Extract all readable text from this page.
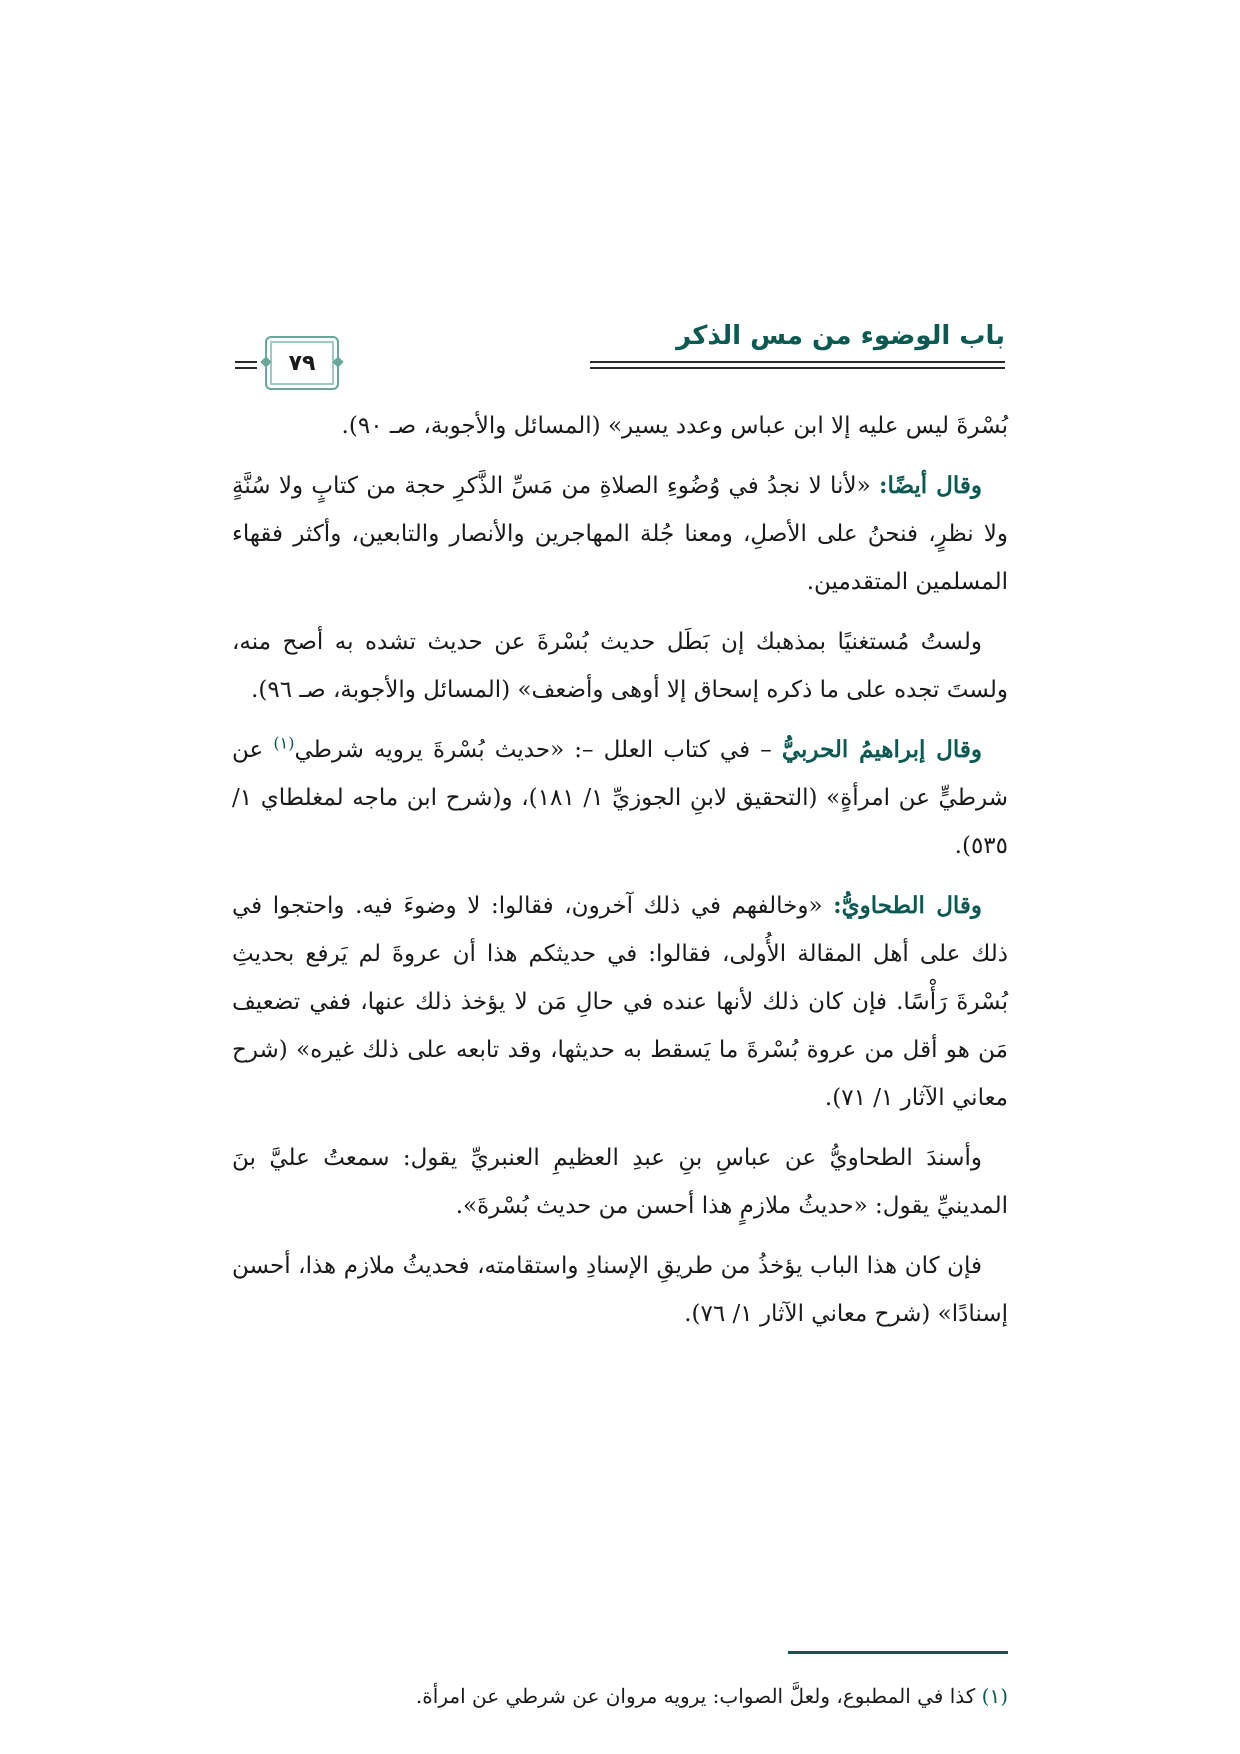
باب الوضوء من مس الذكر
٧٩

بُسْرةَ ليس عليه إلا ابن عباس وعدد يسير» (المسائل والأجوبة، صـ ٩٠).

وقال أيضًا: «لأنا لا نجدُ في وُضُوءِ الصلاةِ من مَسِّ الذَّكرِ حجة من كتابٍ ولا سُنَّةٍ ولا نظرٍ، فنحنُ على الأصلِ، ومعنا جُلة المهاجرين والأنصار والتابعين، وأكثر فقهاء المسلمين المتقدمين.

ولستُ مُستغنيًا بمذهبك إن بَطَل حديث بُسْرةَ عن حديث تشده به أصح منه، ولستَ تجده على ما ذكره إسحاق إلا أوهى وأضعف» (المسائل والأجوبة، صـ ٩٦).

وقال إبراهيمُ الحربيُّ – في كتاب العلل –: «حديث بُسْرةَ يرويه شرطي$^{(١)}$ عن شرطيٍّ عن امرأةٍ» (التحقيق لابنِ الجوزيِّ ١/ ١٨١)، و(شرح ابن ماجه لمغلطاي ١/ ٥٣٥).

وقال الطحاويُّ: «وخالفهم في ذلك آخرون، فقالوا: لا وضوءَ فيه. واحتجوا في ذلك على أهل المقالة الأُولى، فقالوا: في حديثكم هذا أن عروةَ لم يَرفع بحديثِ بُسْرةَ رَأْسًا. فإن كان ذلك لأنها عنده في حالِ مَن لا يؤخذ ذلك عنها، ففي تضعيف مَن هو أقل من عروة بُسْرةَ ما يَسقط به حديثها، وقد تابعه على ذلك غيره» (شرح معاني الآثار ١/ ٧١).

وأسندَ الطحاويُّ عن عباسِ بنِ عبدِ العظيمِ العنبريِّ يقول: سمعتُ عليَّ بنَ المدينيِّ يقول: «حديثُ ملازمٍ هذا أحسن من حديث بُسْرةَ».

فإن كان هذا الباب يؤخذُ من طريقِ الإسنادِ واستقامته، فحديثُ ملازم هذا، أحسن إسنادًا» (شرح معاني الآثار ١/ ٧٦).

(١) كذا في المطبوع، ولعلَّ الصواب: يرويه مروان عن شرطي عن امرأة.
